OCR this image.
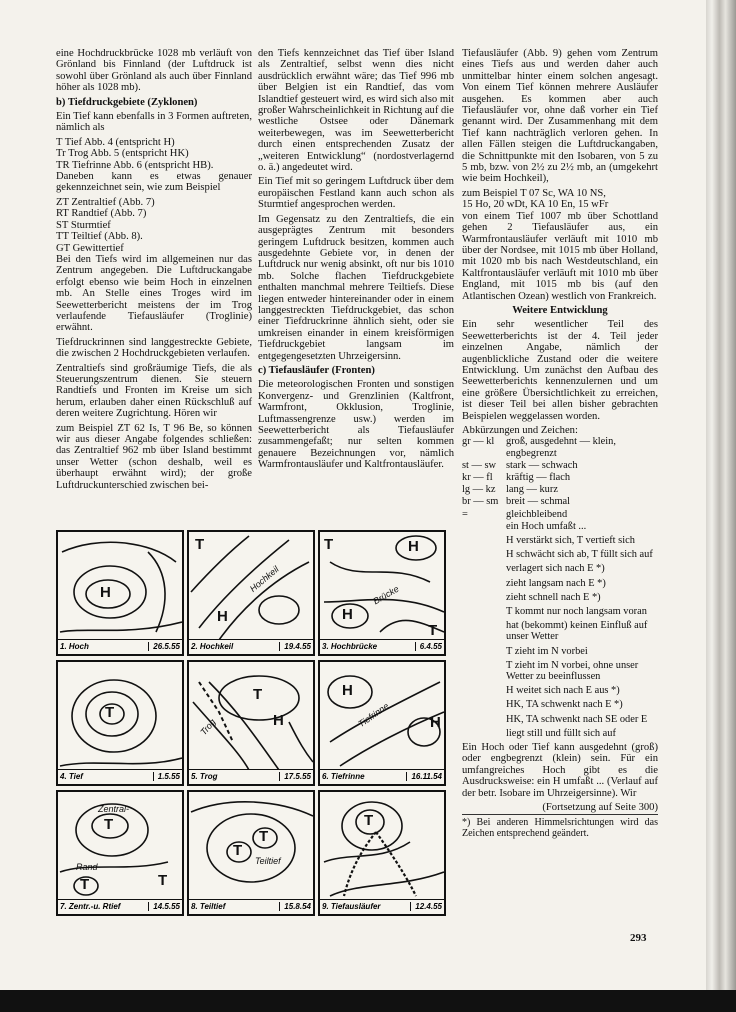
eine Hochdruckbrücke 1028 mb verläuft von Grönland bis Finnland (der Luftdruck ist sowohl über Grönland als auch über Finnland höher als 1028 mb).

b) Tiefdruckgebiete (Zyklonen)

Ein Tief kann ebenfalls in 3 Formen auftreten, nämlich als

T Tief Abb. 4 (entspricht H)

Tr Trog Abb. 5 (entspricht HK)

TR Tiefrinne Abb. 6 (entspricht HB).

Daneben kann es etwas genauer gekennzeichnet sein, wie zum Beispiel

ZT Zentraltief (Abb. 7)

RT Randtief (Abb. 7)

ST Sturmtief

TT Teiltief (Abb. 8).

GT Gewittertief

Bei den Tiefs wird im allgemeinen nur das Zentrum angegeben. Die Luftdruckangabe erfolgt ebenso wie beim Hoch in einzelnen mb. An Stelle eines Troges wird im Seewetterbericht meistens der im Trog verlaufende Tiefausläufer (Troglinie) erwähnt.

Tiefdruckrinnen sind langgestreckte Gebiete, die zwischen 2 Hochdruckgebieten verlaufen.

Zentraltiefs sind großräumige Tiefs, die als Steuerungszentrum dienen. Sie steuern Randtiefs und Fronten im Kreise um sich herum, erlauben daher einen Rückschluß auf deren weitere Zugrichtung. Hören wir

zum Beispiel ZT 62 Is, T 96 Be, so können wir aus dieser Angabe folgendes schließen: das Zentraltief 962 mb über Island bestimmt unser Wetter (schon deshalb, weil es überhaupt erwähnt wird); der große Luftdruckunterschied zwischen bei-

den Tiefs kennzeichnet das Tief über Island als Zentraltief, selbst wenn dies nicht ausdrücklich erwähnt wäre; das Tief 996 mb über Belgien ist ein Randtief, das vom Islandtief gesteuert wird, es wird sich also mit großer Wahrscheinlichkeit in Richtung auf die westliche Ostsee oder Dänemark weiterbewegen, was im Seewetterbericht durch einen entsprechenden Zusatz der „weiteren Entwicklung“ (nordostverlagernd o. ä.) angedeutet wird.

Ein Tief mit so geringem Luftdruck über dem europäischen Festland kann auch schon als Sturmtief angesprochen werden.

Im Gegensatz zu den Zentraltiefs, die ein ausgeprägtes Zentrum mit besonders geringem Luftdruck besitzen, kommen auch ausgedehnte Gebiete vor, in denen der Luftdruck nur wenig absinkt, oft nur bis 1010 mb. Solche flachen Tiefdruckgebiete enthalten manchmal mehrere Teiltiefs. Diese liegen entweder hintereinander oder in einem langgestreckten Tiefdruckgebiet, das schon einer Tiefdruckrinne ähnlich sieht, oder sie umkreisen einander in einem kreisförmigen Tiefdruckgebiet langsam im entgegengesetzten Uhrzeigersinn.

c) Tiefausläufer (Fronten)

Die meteorologischen Fronten und sonstigen Konvergenz- und Grenzlinien (Kaltfront, Warmfront, Okklusion, Troglinie, Luftmassengrenze usw.) werden im Seewetterbericht als Tiefausläufer zusammengefaßt; nur selten kommen genauere Bezeichnungen vor, nämlich Warmfrontausläufer und Kaltfrontausläufer.

Tiefausläufer (Abb. 9) gehen vom Zentrum eines Tiefs aus und werden daher auch unmittelbar hinter einem solchen angesagt. Von einem Tief können mehrere Ausläufer ausgehen. Es kommen aber auch Tiefausläufer vor, ohne daß vorher ein Tief genannt wird. Der Zusammenhang mit dem Tief kann nachträglich verloren gehen. In allen Fällen steigen die Luftdruckangaben, die Schnittpunkte mit den Isobaren, von 5 zu 5 mb, bzw. von 2½ zu 2½ mb, an (umgekehrt wie beim Hochkeil),

zum Beispiel T 07 Sc, WA 10 NS,

15 Ho, 20 wDt, KA 10 En, 15 wFr

von einem Tief 1007 mb über Schottland gehen 2 Tiefausläufer aus, ein Warmfrontausläufer verläuft mit 1010 mb über der Nordsee, mit 1015 mb über Holland, mit 1020 mb bis nach Westdeutschland, ein Kaltfrontausläufer verläuft mit 1010 mb über England, mit 1015 mb bis (auf den Atlantischen Ozean) westlich von Frankreich.

Weitere Entwicklung

Ein sehr wesentlicher Teil des Seewetterberichts ist der 4. Teil jeder einzelnen Angabe, nämlich der augenblickliche Zustand oder die weitere Entwicklung. Um zunächst den Aufbau des Seewetterberichts kennenzulernen und um eine größere Übersichtlichkeit zu erreichen, ist dieser Teil bei allen bisher gebrachten Beispielen weggelassen worden.

Abkürzungen und Zeichen:

gr — kl	groß, ausgedehnt — klein, engbegrenzt
st — sw stark — schwach
kr — fl	kräftig — flach
lg — kz	lang — kurz
br — sm breit — schmal
=	gleichbleibend

ein Hoch umfaßt ...

H verstärkt sich, T vertieft sich

H schwächt sich ab, T füllt sich auf

verlagert sich nach E *)

zieht langsam nach E *)

zieht schnell nach E *)

T kommt nur noch langsam voran

hat (bekommt) keinen Einfluß auf unser Wetter

T zieht im N vorbei

T zieht im N vorbei, ohne unser Wetter zu beeinflussen

H weitet sich nach E aus *)

HK, TA schwenkt nach E *)

HK, TA schwenkt nach SE oder E

liegt still und füllt sich auf

Ein Hoch oder Tief kann ausgedehnt (groß) oder engbegrenzt (klein) sein. Für ein umfangreiches Hoch gibt es die Ausdrucksweise: ein H umfaßt ... (Verlauf auf der betr. Isobare im Uhrzeigersinne). Wir

(Fortsetzung auf Seite 300)

*) Bei anderen Himmelsrichtungen wird das Zeichen entsprechend geändert.

293
H
1. Hoch	26.5.55
T
H
Hochkeil
2. Hochkeil	19.4.55
T	H
H
T
Brücke
3. Hochbrücke	6.4.55
T
4. Tief	1.5.55
T
H
Trog
5. Trog	17.5.55
H
H
Tiefrinne
6. Tiefrinne	16.11.54
T
T	T
Zentral-
Rand-
7. Zentr.-u. Rtief	14.5.55
T
T
Teiltief
8. Teiltief	15.8.54
T
9. Tiefausläufer	12.4.55
